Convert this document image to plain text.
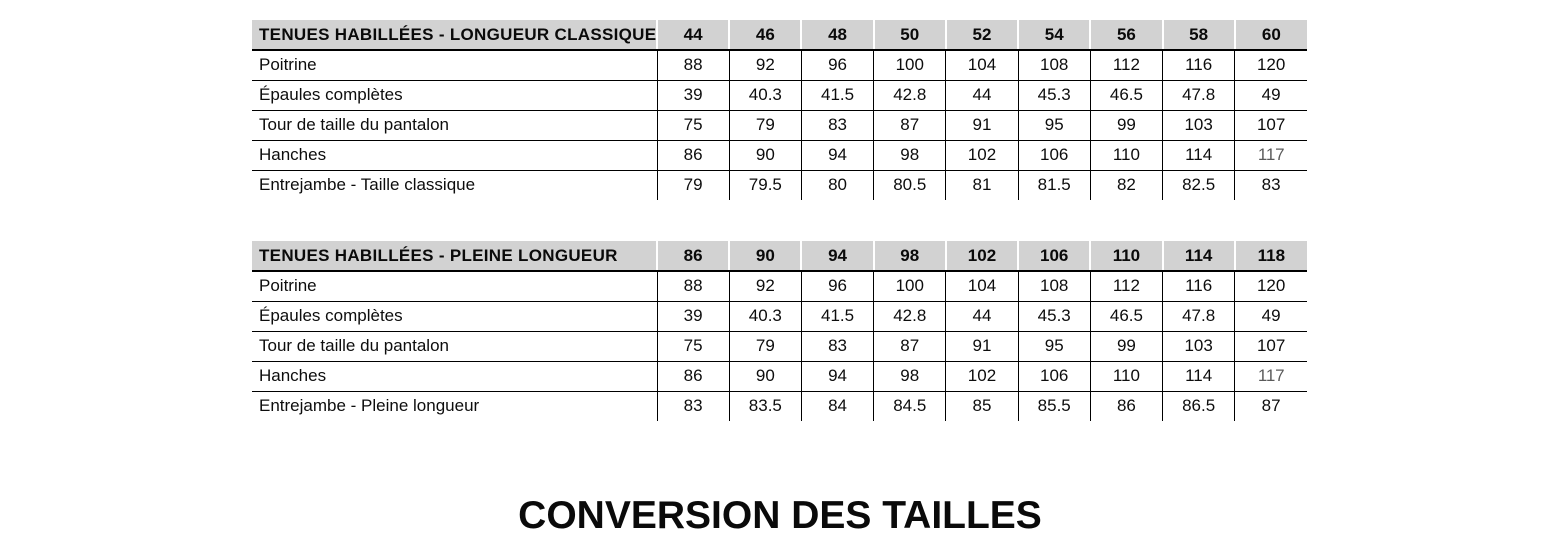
TENUES HABILLÉES - LONGUEUR CLASSIQUE	44	46	48	50	52	54	56	58	60
Poitrine	88	92	96	100	104	108	112	116	120
Épaules complètes	39	40.3	41.5	42.8	44	45.3	46.5	47.8	49
Tour de taille du pantalon	75	79	83	87	91	95	99	103	107
Hanches	86	90	94	98	102	106	110	114	117
Entrejambe - Taille classique	79	79.5	80	80.5	81	81.5	82	82.5	83
TENUES HABILLÉES - PLEINE LONGUEUR	86	90	94	98	102	106	110	114	118
Poitrine	88	92	96	100	104	108	112	116	120
Épaules complètes	39	40.3	41.5	42.8	44	45.3	46.5	47.8	49
Tour de taille du pantalon	75	79	83	87	91	95	99	103	107
Hanches	86	90	94	98	102	106	110	114	117
Entrejambe - Pleine longueur	83	83.5	84	84.5	85	85.5	86	86.5	87
CONVERSION DES TAILLES
